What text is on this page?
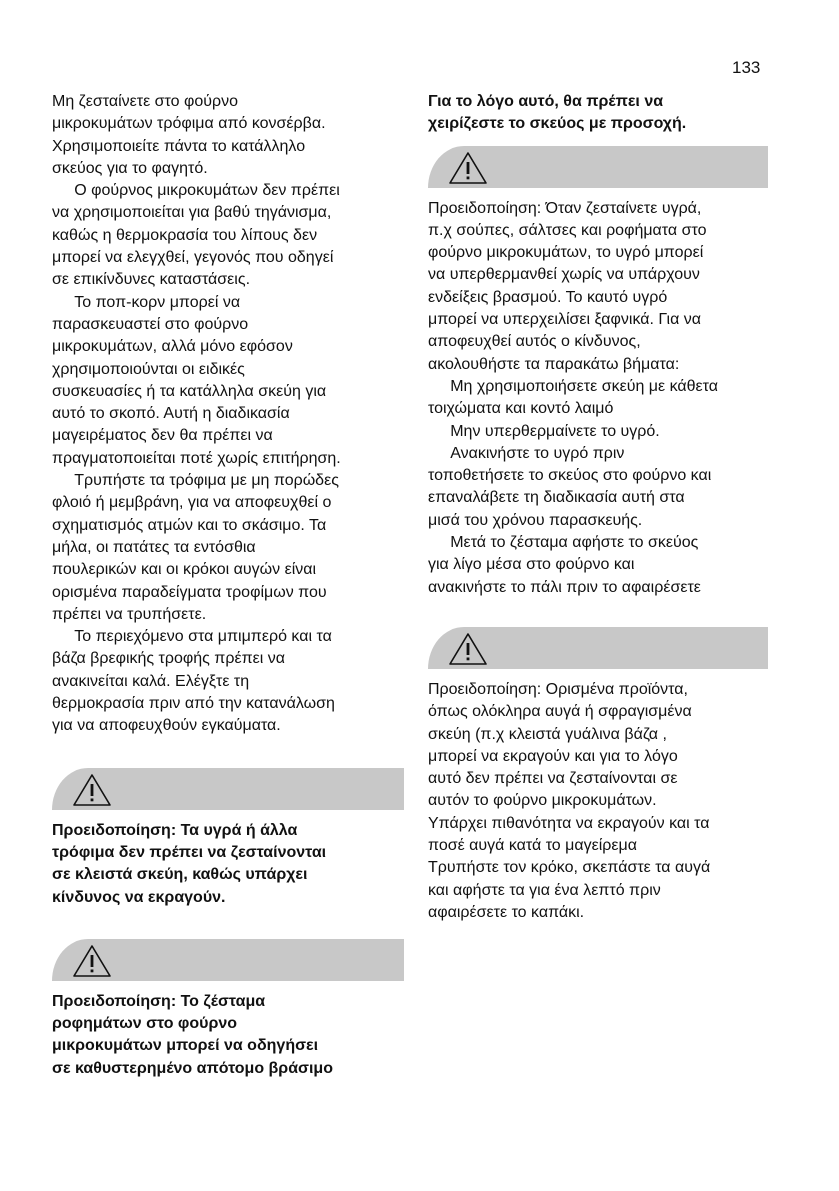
133
Μη ζεσταίνετε στο φούρνο
μικροκυμάτων τρόφιμα από κονσέρβα.
Χρησιμοποιείτε πάντα το κατάλληλο
σκεύος για το φαγητό.
Ο φούρνος μικροκυμάτων δεν πρέπει
να χρησιμοποιείται για βαθύ τηγάνισμα,
καθώς η θερμοκρασία του λίπους δεν
μπορεί να ελεγχθεί, γεγονός που οδηγεί
σε επικίνδυνες καταστάσεις.
Το ποπ-κορν μπορεί να
παρασκευαστεί στο φούρνο
μικροκυμάτων, αλλά μόνο εφόσον
χρησιμοποιούνται οι ειδικές
συσκευασίες ή τα κατάλληλα σκεύη για
αυτό το σκοπό. Αυτή η διαδικασία
μαγειρέματος δεν θα πρέπει να
πραγματοποιείται ποτέ χωρίς επιτήρηση.
Τρυπήστε τα τρόφιμα με μη πορώδες
φλοιό ή μεμβράνη, για να αποφευχθεί ο
σχηματισμός ατμών και το σκάσιμο. Τα
μήλα, οι πατάτες τα εντόσθια
πουλερικών και οι κρόκοι αυγών είναι
ορισμένα παραδείγματα τροφίμων που
πρέπει να τρυπήσετε.
Το περιεχόμενο στα μπιμπερό και τα
βάζα βρεφικής τροφής πρέπει να
ανακινείται καλά. Ελέγξτε τη
θερμοκρασία πριν από την κατανάλωση
για να αποφευχθούν εγκαύματα.
Προειδοποίηση: Τα υγρά ή άλλα
τρόφιμα δεν πρέπει να ζεσταίνονται
σε κλειστά σκεύη, καθώς υπάρχει
κίνδυνος να εκραγούν.
Προειδοποίηση: Το ζέσταμα
ροφημάτων στο φούρνο
μικροκυμάτων μπορεί να οδηγήσει
σε καθυστερημένο απότομο βράσιμο
Για το λόγο αυτό, θα πρέπει να
χειρίζεστε το σκεύος με προσοχή.
Προειδοποίηση: Όταν ζεσταίνετε υγρά,
π.χ σούπες, σάλτσες και ροφήματα στο
φούρνο μικροκυμάτων, το υγρό μπορεί
να υπερθερμανθεί χωρίς να υπάρχουν
ενδείξεις βρασμού. Το καυτό υγρό
μπορεί να υπερχειλίσει ξαφνικά. Για να
αποφευχθεί αυτός ο κίνδυνος,
ακολουθήστε τα παρακάτω βήματα:
Μη χρησιμοποιήσετε σκεύη με κάθετα
τοιχώματα και κοντό λαιμό
Μην υπερθερμαίνετε το υγρό.
Ανακινήστε το υγρό πριν
τοποθετήσετε το σκεύος στο φούρνο και
επαναλάβετε τη διαδικασία αυτή στα
μισά του χρόνου παρασκευής.
Μετά το ζέσταμα αφήστε το σκεύος
για λίγο μέσα στο φούρνο και
ανακινήστε το πάλι πριν το αφαιρέσετε
Προειδοποίηση: Ορισμένα προϊόντα,
όπως ολόκληρα αυγά ή σφραγισμένα
σκεύη (π.χ κλειστά γυάλινα βάζα ,
μπορεί να εκραγούν και για το λόγο
αυτό δεν πρέπει να ζεσταίνονται σε
αυτόν το φούρνο μικροκυμάτων.
Υπάρχει πιθανότητα να εκραγούν και τα
ποσέ αυγά κατά το μαγείρεμα
Τρυπήστε τον κρόκο, σκεπάστε τα αυγά
και αφήστε τα για ένα λεπτό πριν
αφαιρέσετε το καπάκι.
